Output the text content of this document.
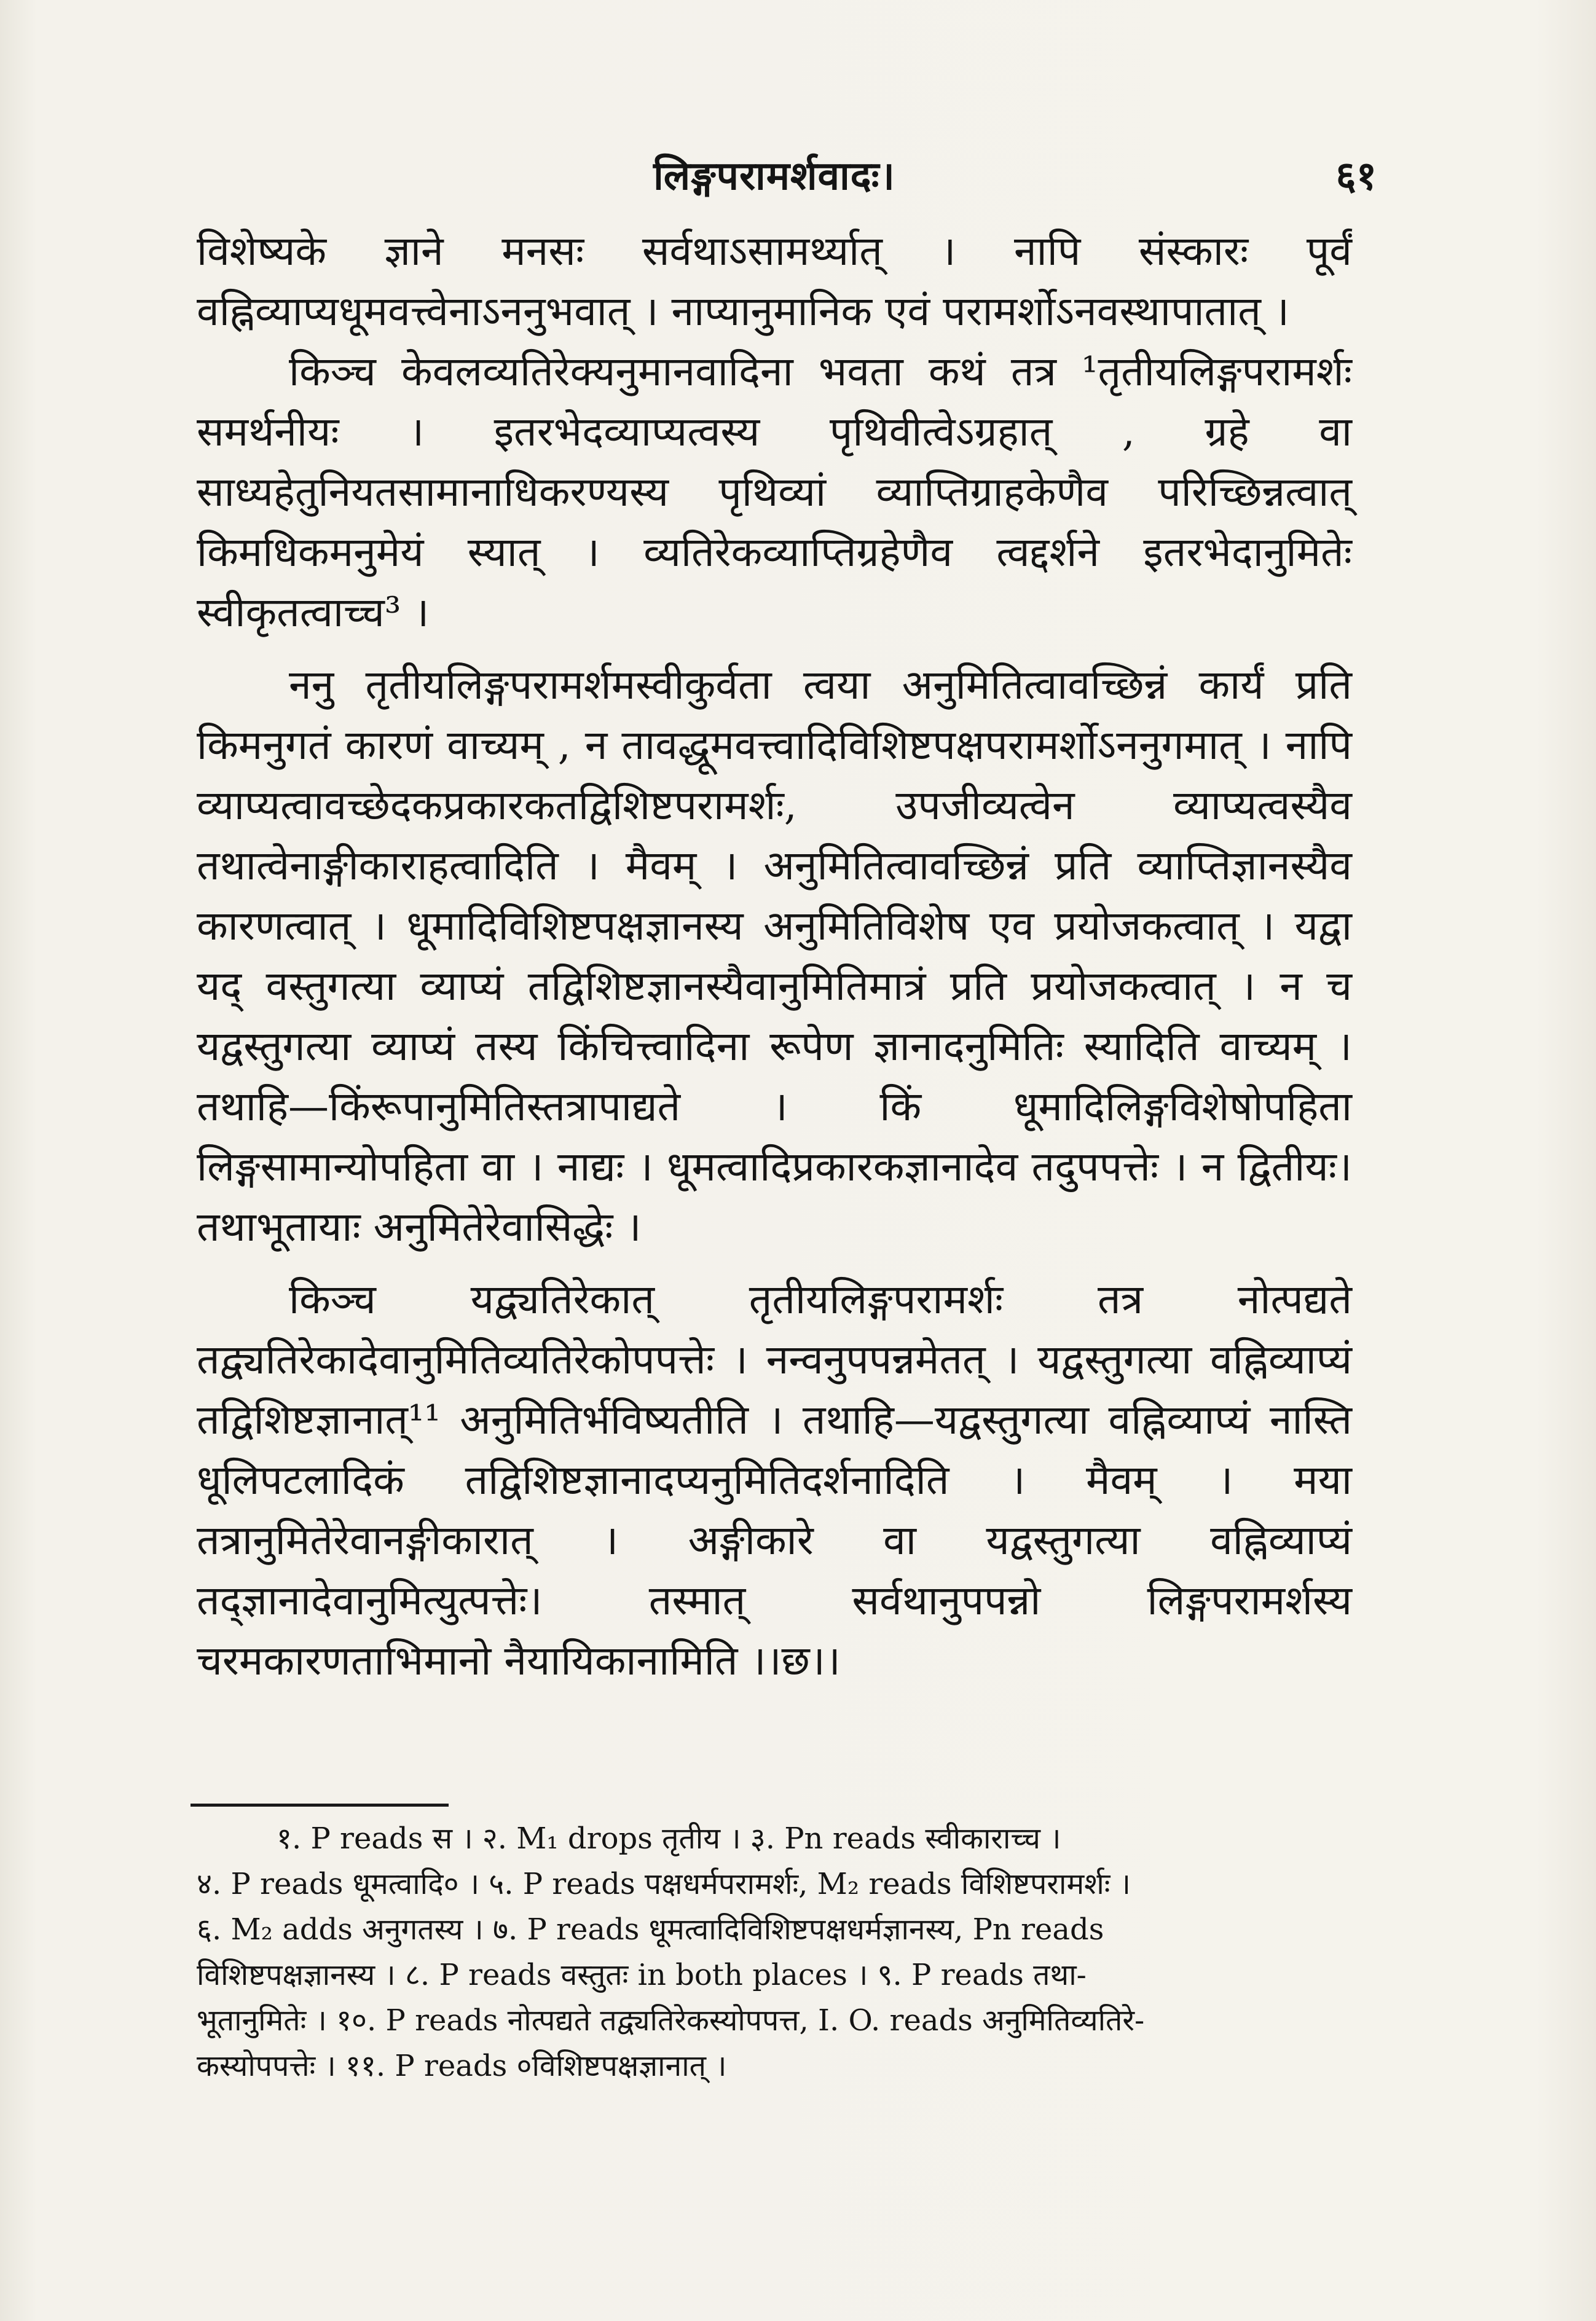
लिङ्गपरामर्शवादः।	६१

विशेष्यके ज्ञाने मनसः सर्वथाऽसामर्थ्यात् । नापि संस्कारः पूर्वं वह्निव्याप्यधूमवत्त्वेनाऽननुभवात् । नाप्यानुमानिक एवं परामर्शोऽनवस्थापातात् ।

किञ्च केवलव्यतिरेक्यनुमानवादिना भवता कथं तत्र ¹तृतीयलिङ्गपरामर्शः समर्थनीयः । इतरभेदव्याप्यत्वस्य पृथिवीत्वेऽग्रहात् , ग्रहे वा साध्यहेतुनियतसामानाधिकरण्यस्य पृथिव्यां व्याप्तिग्राहकेणैव परिच्छिन्नत्वात् किमधिकमनुमेयं स्यात् । व्यतिरेकव्याप्तिग्रहेणैव त्वद्दर्शने इतरभेदानुमितेः स्वीकृतत्वाच्च³ ।

ननु तृतीयलिङ्गपरामर्शमस्वीकुर्वता त्वया अनुमितित्वावच्छिन्नं कार्यं प्रति किमनुगतं कारणं वाच्यम् , न तावद्धूमवत्त्वादिविशिष्टपक्षपरामर्शोऽननुगमात् । नापि व्याप्यत्वावच्छेदकप्रकारकतद्विशिष्टपरामर्शः, उपजीव्यत्वेन व्याप्यत्वस्यैव तथात्वेनाङ्गीकाराहत्वादिति । मैवम् । अनुमितित्वावच्छिन्नं प्रति व्याप्तिज्ञानस्यैव कारणत्वात् । धूमादिविशिष्टपक्षज्ञानस्य अनुमितिविशेष एव प्रयोजकत्वात् । यद्वा यद् वस्तुगत्या व्याप्यं तद्विशिष्टज्ञानस्यैवानुमितिमात्रं प्रति प्रयोजकत्वात् । न च यद्वस्तुगत्या व्याप्यं तस्य किंचित्त्वादिना रूपेण ज्ञानादनुमितिः स्यादिति वाच्यम् । तथाहि—किंरूपानुमितिस्तत्रापाद्यते । किं धूमादिलिङ्गविशेषोपहिता लिङ्गसामान्योपहिता वा । नाद्यः । धूमत्वादिप्रकारकज्ञानादेव तदुपपत्तेः । न द्वितीयः। तथाभूतायाः अनुमितेरेवासिद्धेः ।

किञ्च यद्व्यतिरेकात् तृतीयलिङ्गपरामर्शः तत्र नोत्पद्यते तद्व्यतिरेकादेवानुमितिव्यतिरेकोपपत्तेः । नन्वनुपपन्नमेतत् । यद्वस्तुगत्या वह्निव्याप्यं तद्विशिष्टज्ञानात्¹¹ अनुमितिर्भविष्यतीति । तथाहि—यद्वस्तुगत्या वह्निव्याप्यं नास्ति धूलिपटलादिकं तद्विशिष्टज्ञानादप्यनुमितिदर्शनादिति । मैवम् । मया तत्रानुमितेरेवानङ्गीकारात् । अङ्गीकारे वा यद्वस्तुगत्या वह्निव्याप्यं तद्ज्ञानादेवानुमित्युत्पत्तेः। तस्मात् सर्वथानुपपन्नो लिङ्गपरामर्शस्य चरमकारणताभिमानो नैयायिकानामिति ।।छ।।

१. P reads स । २. M₁ drops तृतीय । ३. Pn reads स्वीकाराच्च ।
४. P reads धूमत्वादि० । ५. P reads पक्षधर्मपरामर्शः, M₂ reads विशिष्टपरामर्शः ।
६. M₂ adds अनुगतस्य । ७. P reads धूमत्वादिविशिष्टपक्षधर्मज्ञानस्य, Pn reads
विशिष्टपक्षज्ञानस्य । ८. P reads वस्तुतः in both places । ९. P reads तथा-
भूतानुमितेः । १०. P reads नोत्पद्यते तद्व्यतिरेकस्योपपत्त, I. O. reads अनुमितिव्यतिरे-
कस्योपपत्तेः । ११. P reads ०विशिष्टपक्षज्ञानात् ।
